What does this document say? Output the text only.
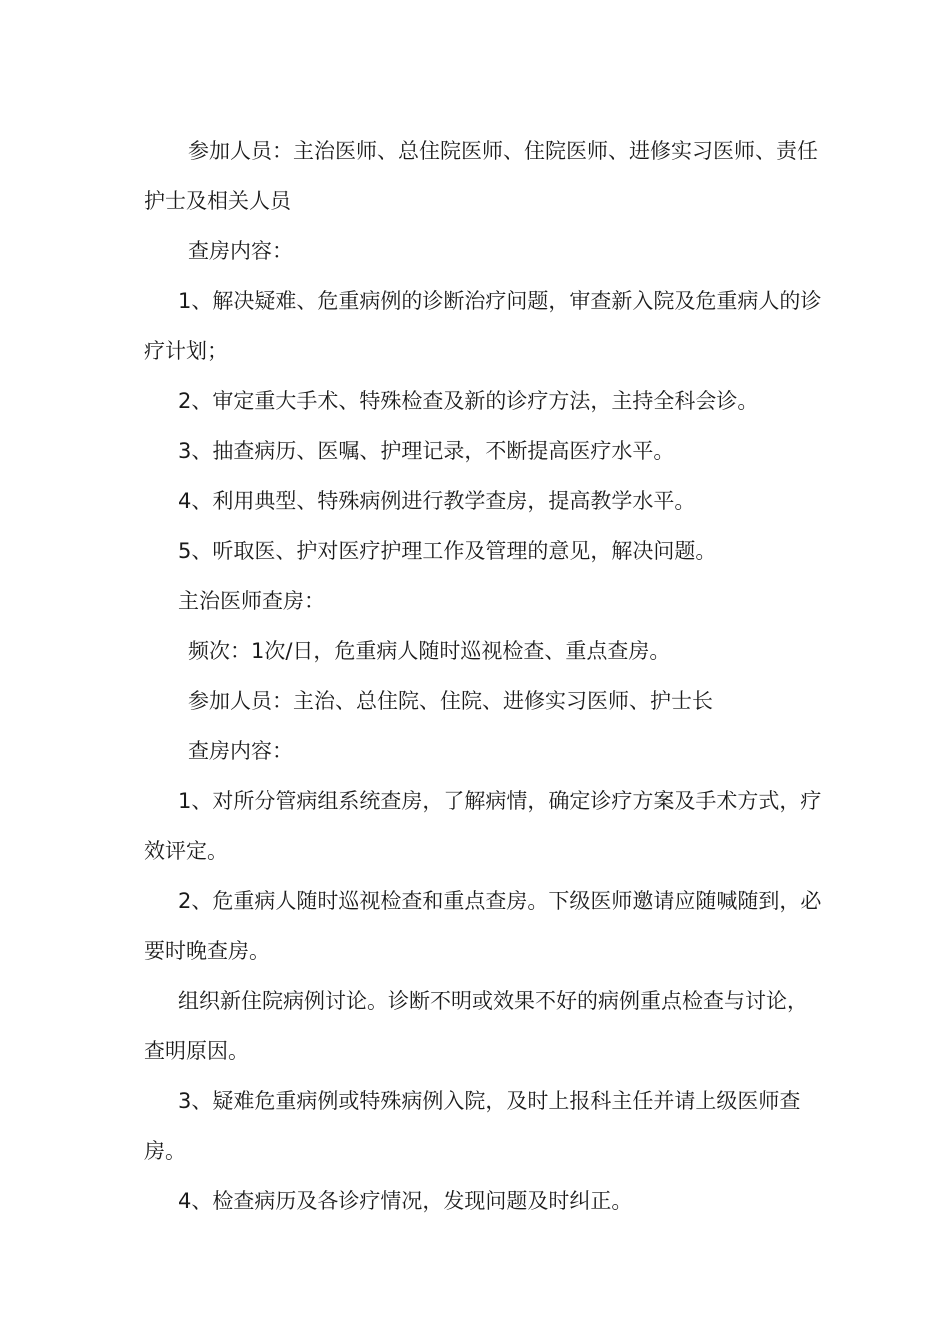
参加人员：主治医师、总住院医师、住院医师、进修实习医师、责任护士及相关人员

查房内容：

1、解决疑难、危重病例的诊断治疗问题，审查新入院及危重病人的诊疗计划；

2、审定重大手术、特殊检查及新的诊疗方法，主持全科会诊。

3、抽查病历、医嘱、护理记录，不断提高医疗水平。

4、利用典型、特殊病例进行教学查房，提高教学水平。

5、听取医、护对医疗护理工作及管理的意见，解决问题。

主治医师查房：

频次：1次/日，危重病人随时巡视检查、重点查房。

参加人员：主治、总住院、住院、进修实习医师、护士长

查房内容：

1、对所分管病组系统查房，了解病情，确定诊疗方案及手术方式，疗效评定。

2、危重病人随时巡视检查和重点查房。下级医师邀请应随喊随到，必要时晚查房。

组织新住院病例讨论。诊断不明或效果不好的病例重点检查与讨论，查明原因。

3、疑难危重病例或特殊病例入院，及时上报科主任并请上级医师查房。

4、检查病历及各诊疗情况，发现问题及时纠正。
